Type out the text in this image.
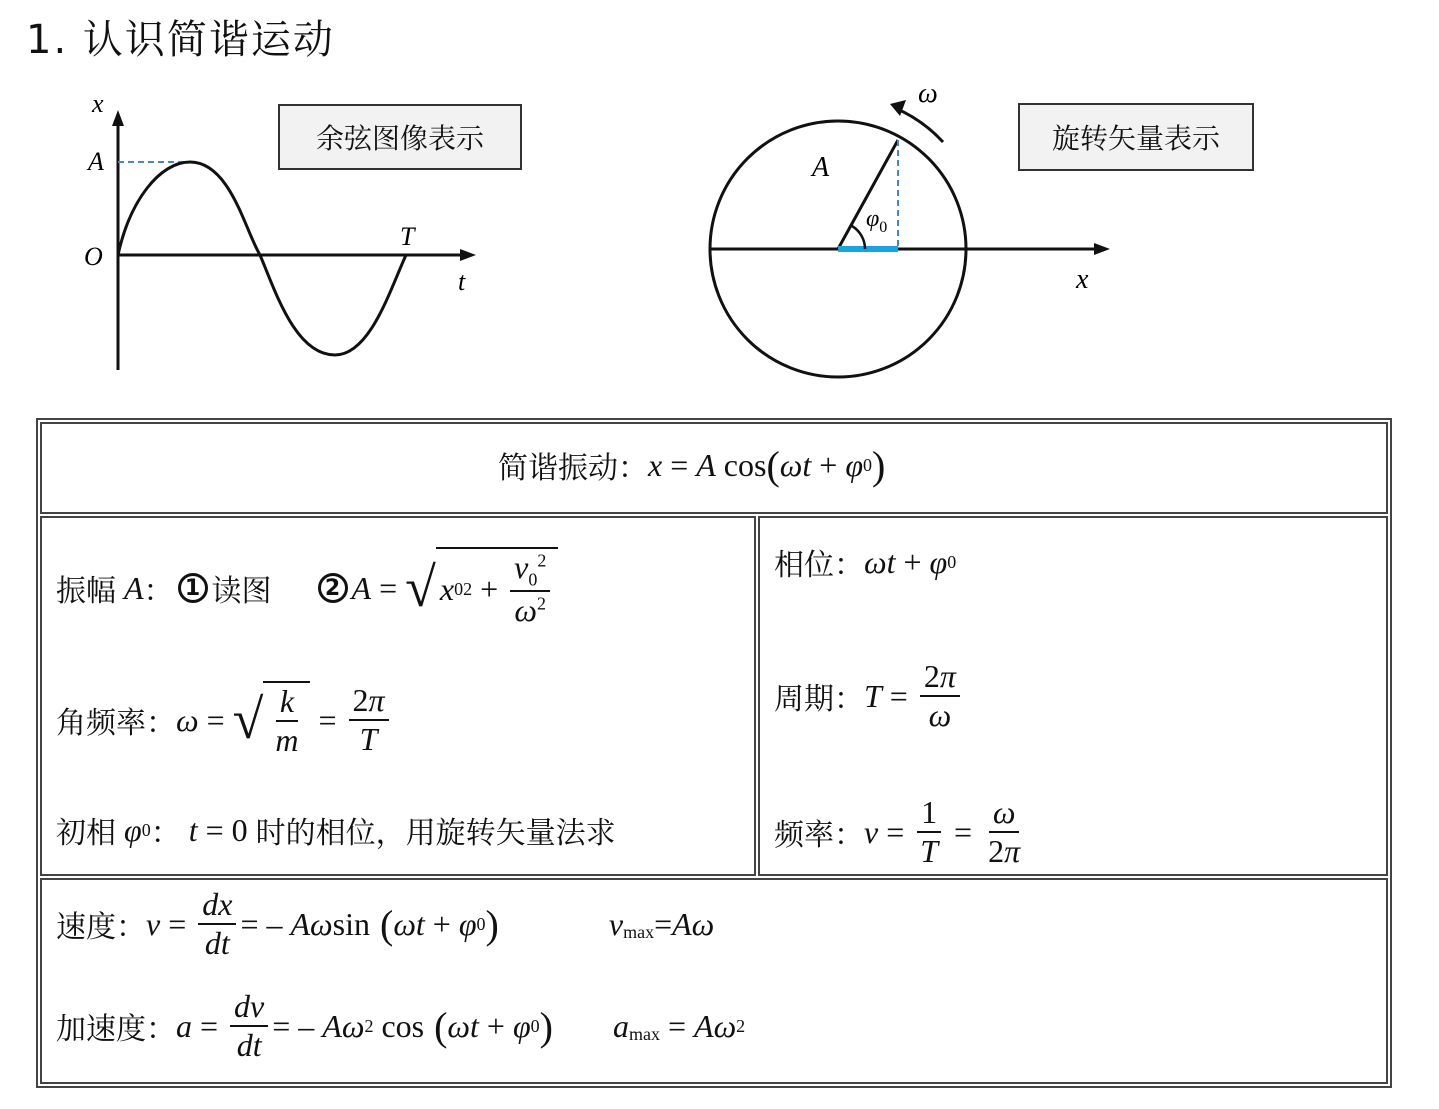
1. 认识简谐运动
x
A
O
T
t
余弦图像表示
ω
A
$\varphi_0$
x
旋转矢量表示
简谐振动： x = A cos ( ωt + φ 0 )
振幅 A ： 1 读图	2 A = √ x 0 $2 + \frac{v_0^2}{\omega^2}$
角频率： ω = √ $\frac{k}{m} = \frac{2\pi}{T}$
初相 φ 0 ： t = 0 时的相位，用旋转矢量法求
相位： ωt + φ 0
周期： $T = \frac{2\pi}{\omega}$
频率： $\nu = \frac{1}{T} = \frac{\omega}{2\pi}$
速度： $v = \frac{dx}{dt}$ = – Aω sin ( ωt + φ 0 )	$v_{max} = A\omega$
加速度： $a = \frac{dv}{dt}$ = – Aω 2 cos ( ωt + φ 0 ) $a_{max} = A\omega$ 2
